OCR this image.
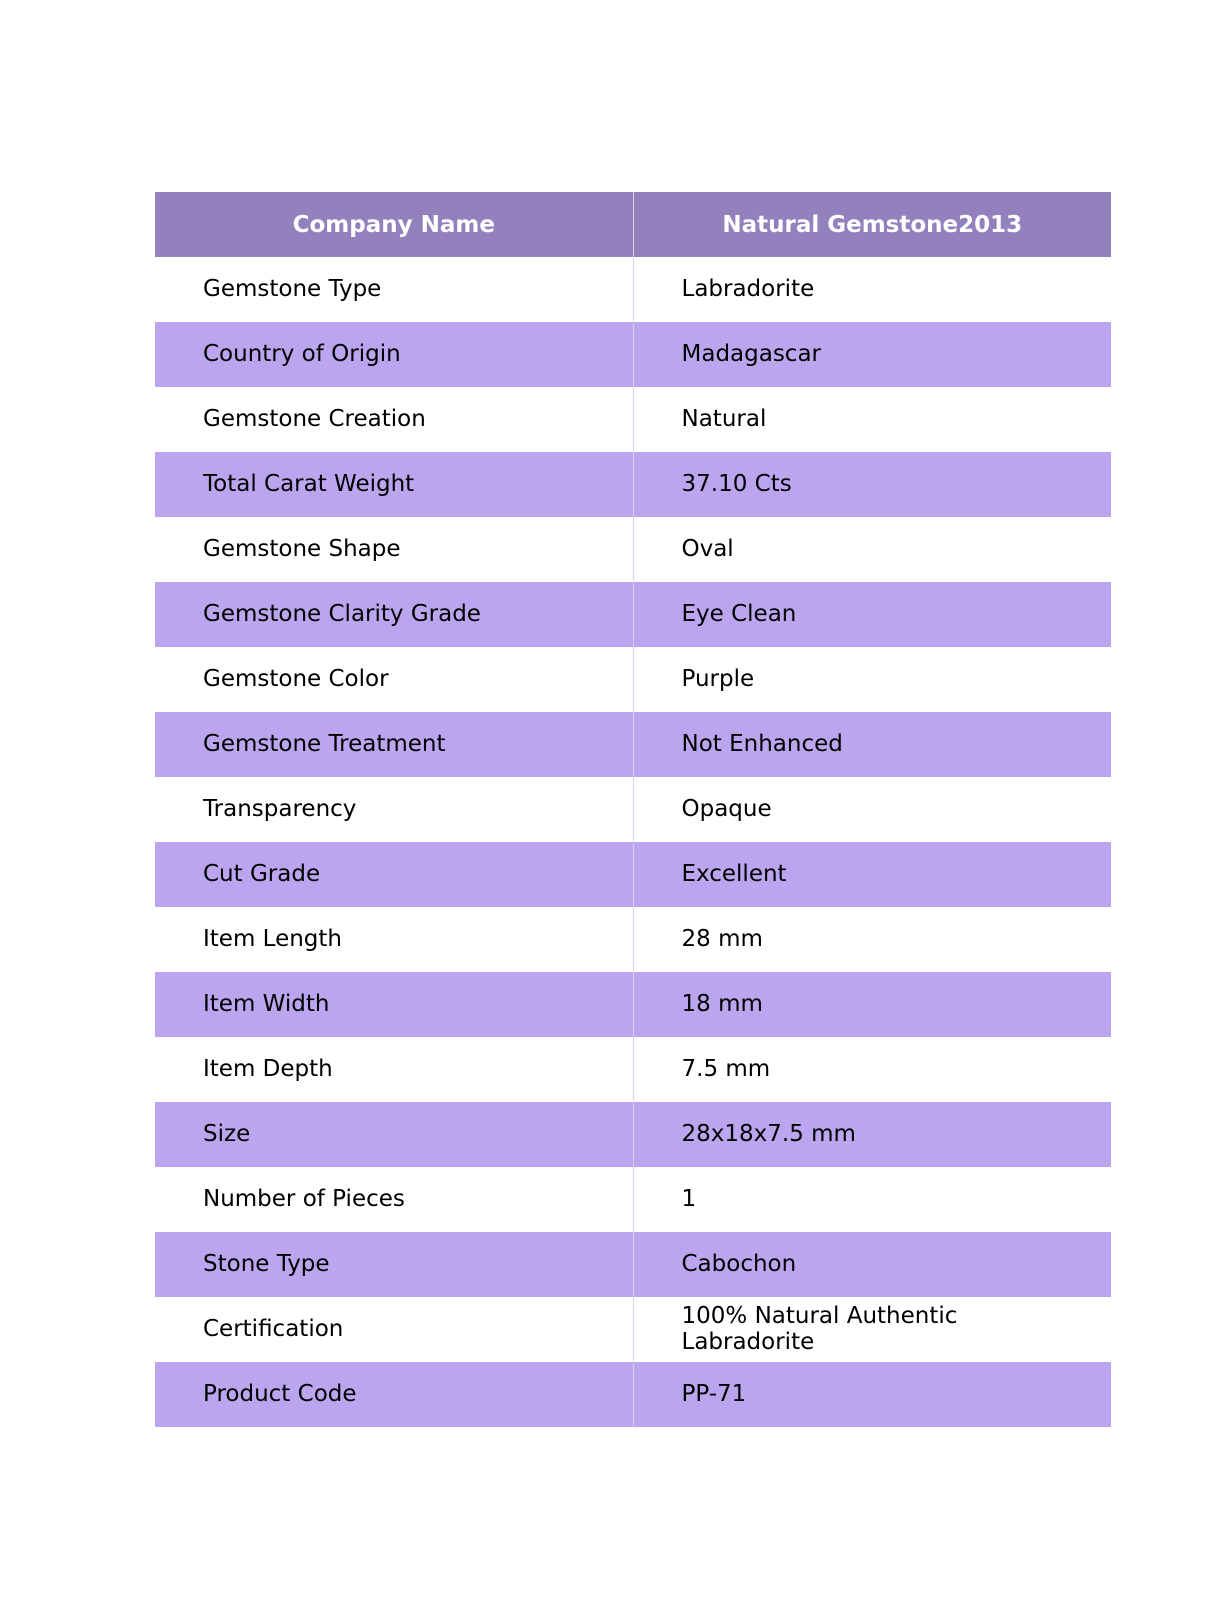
Company Name	Natural Gemstone2013
Gemstone Type	Labradorite
Country of Origin	Madagascar
Gemstone Creation	Natural
Total Carat Weight	37.10 Cts
Gemstone Shape	Oval
Gemstone Clarity Grade	Eye Clean
Gemstone Color	Purple
Gemstone Treatment	Not Enhanced
Transparency	Opaque
Cut Grade	Excellent
Item Length	28 mm
Item Width	18 mm
Item Depth	7.5 mm
Size	28x18x7.5 mm
Number of Pieces	1
Stone Type	Cabochon
Certification	100% Natural Authentic Labradorite
Product Code	PP-71
